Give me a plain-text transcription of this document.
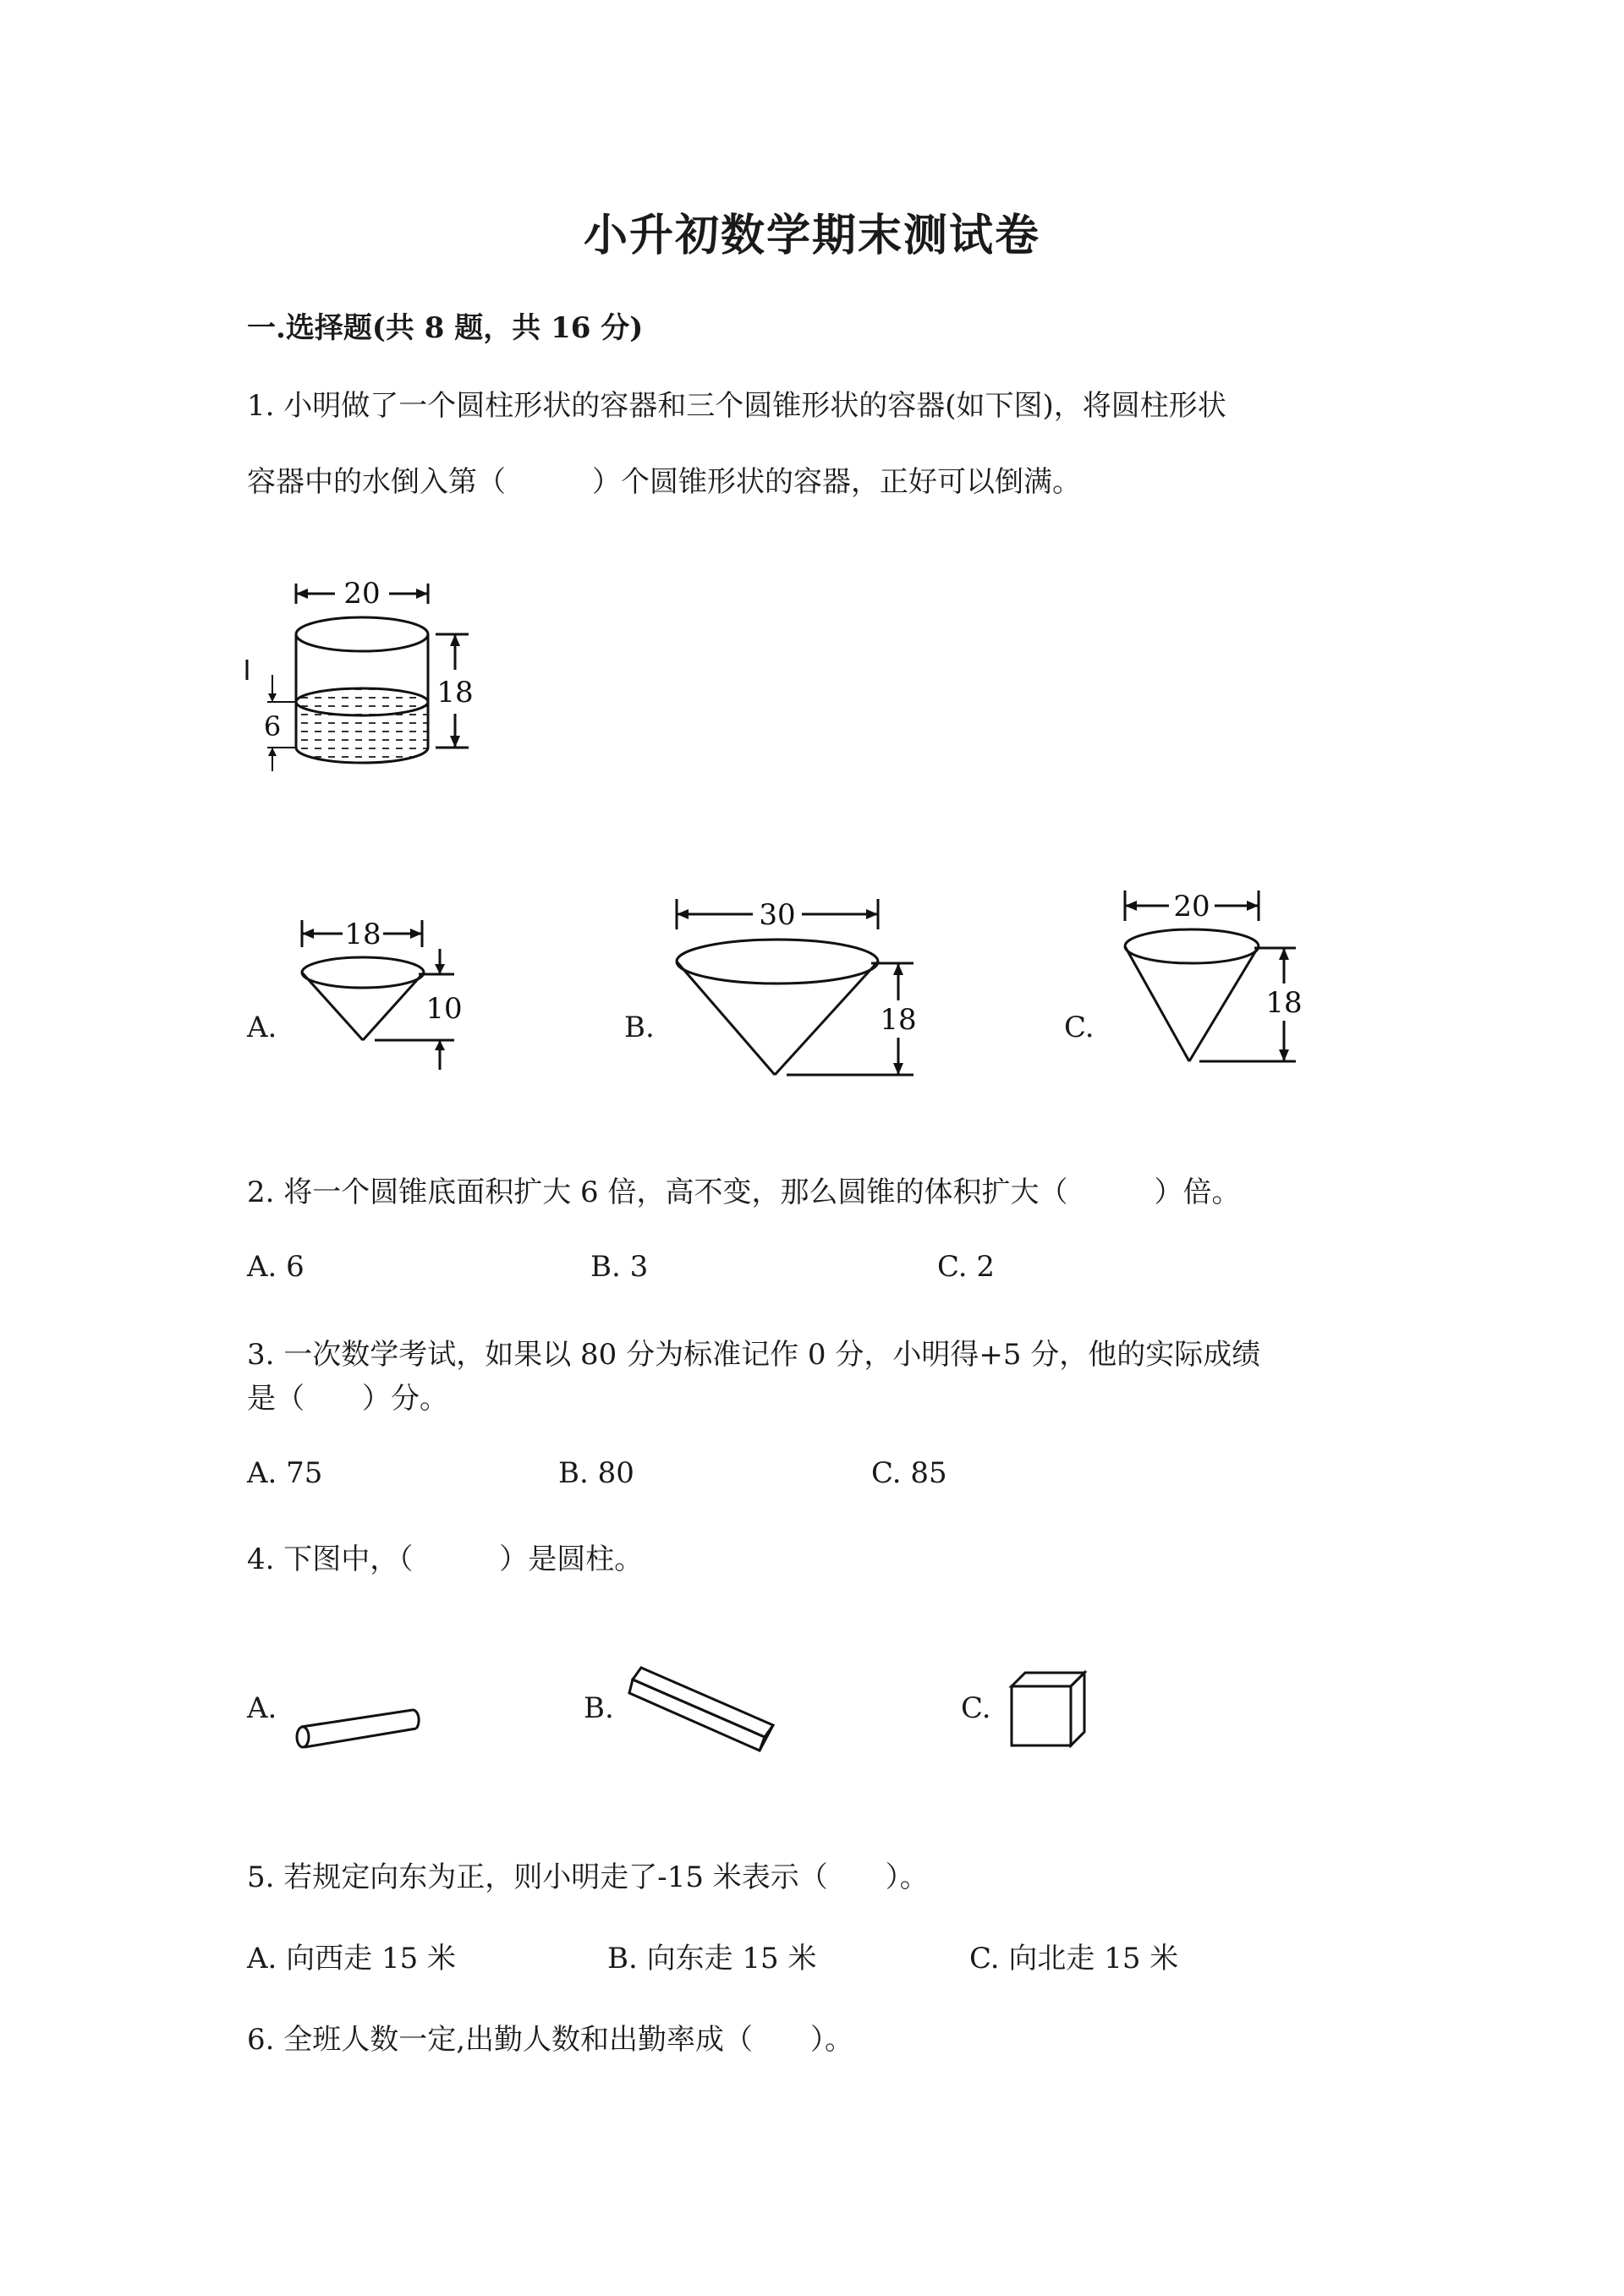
小升初数学期末测试卷
一.选择题(共 8 题，共 16 分)
1. 小明做了一个圆柱形状的容器和三个圆锥形状的容器(如下图)，将圆柱形状
容器中的水倒入第（　　　）个圆锥形状的容器，正好可以倒满。
20
18
6
A.
18
10
B.
30
18	C.
20
18
2. 将一个圆锥底面积扩大 6 倍，高不变，那么圆锥的体积扩大（　　　）倍。
A. 6	B. 3	C. 2
3. 一次数学考试，如果以 80 分为标准记作 0 分，小明得+5 分，他的实际成绩
是（　　）分。
A. 75	B. 80	C. 85
4. 下图中，（　　　）是圆柱。
A.	B.	C.
5. 若规定向东为正，则小明走了-15 米表示（　　）。
A. 向西走 15 米	B. 向东走 15 米	C. 向北走 15 米
6. 全班人数一定,出勤人数和出勤率成（　　）。
